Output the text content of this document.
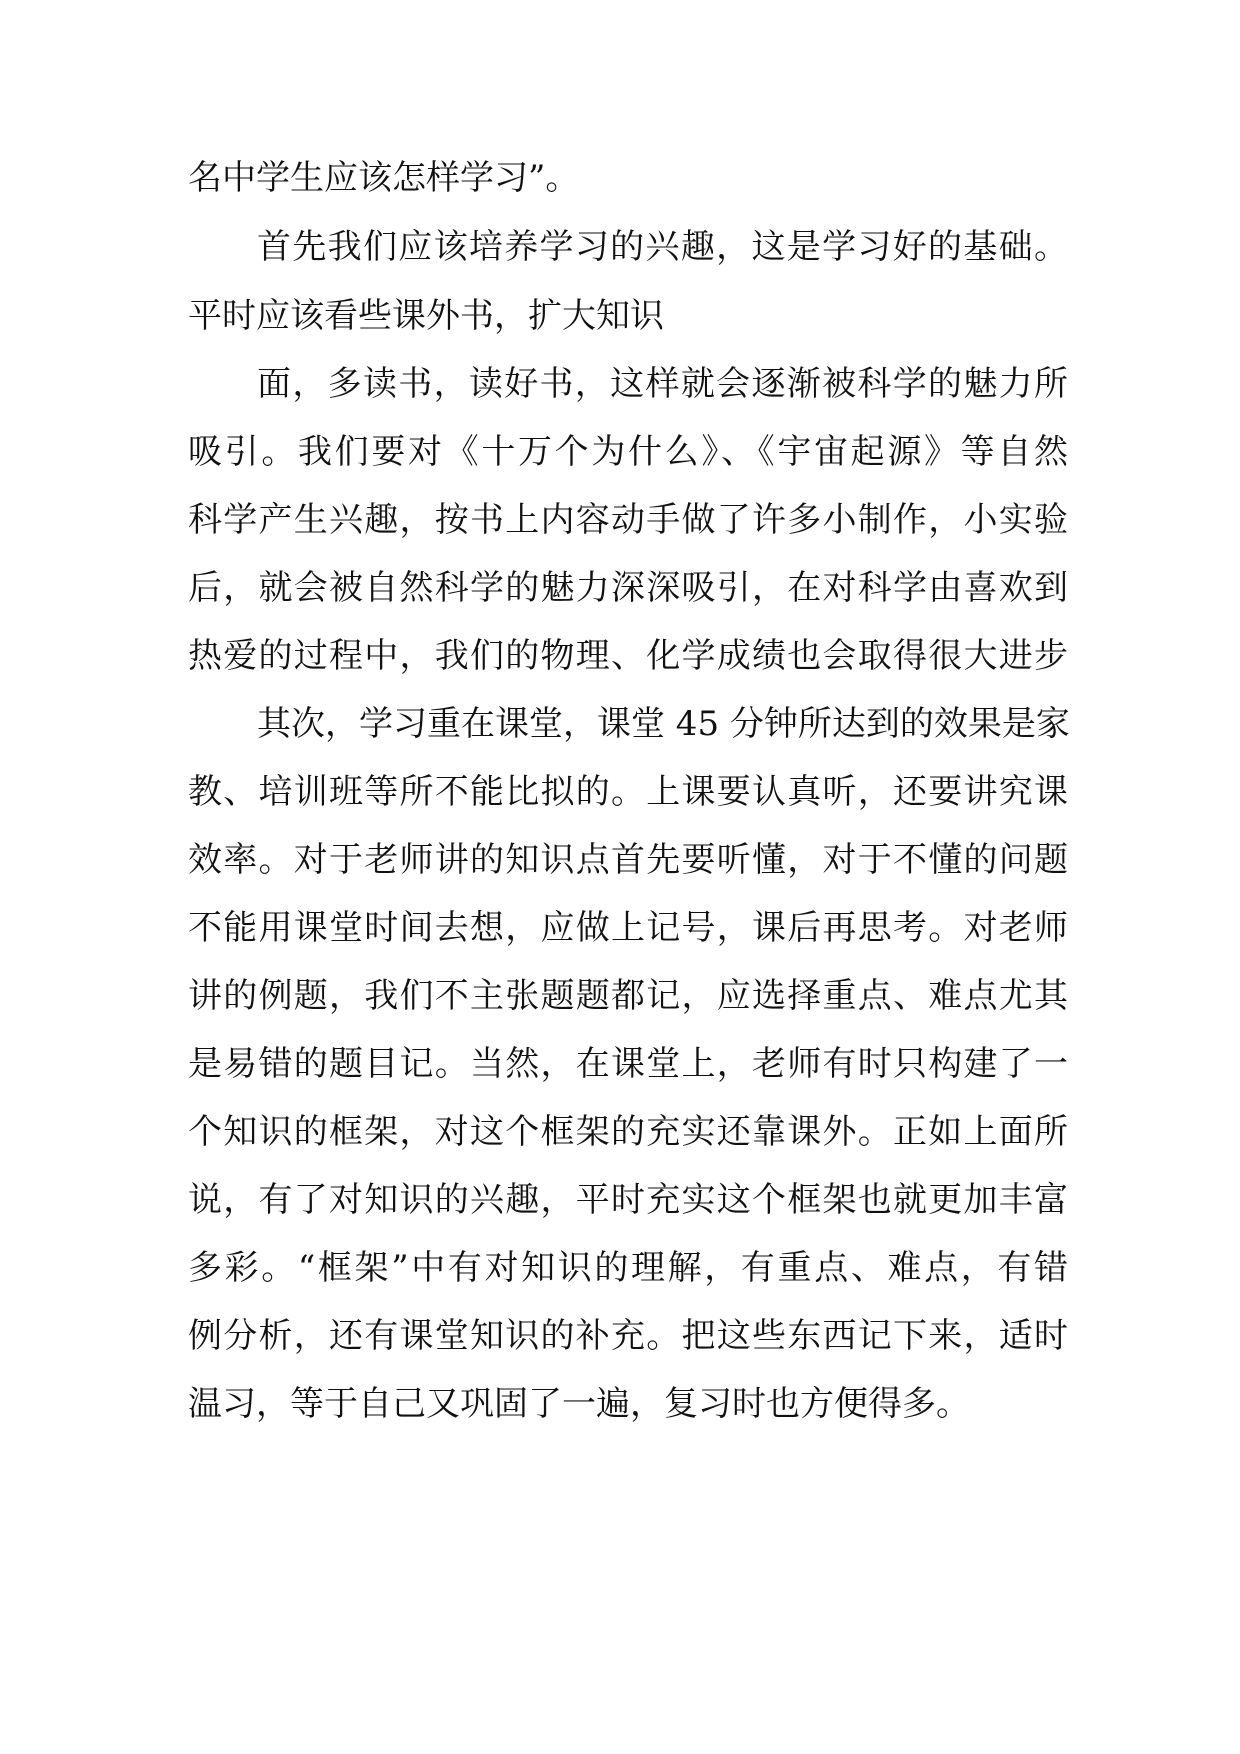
名中学生应该怎样学习”。

首先我们应该培养学习的兴趣，这是学习好的基础。

平时应该看些课外书，扩大知识

面，多读书，读好书，这样就会逐渐被科学的魅力所

吸引。我们要对《十万个为什么》、《宇宙起源》等自然

科学产生兴趣，按书上内容动手做了许多小制作，小实验

后，就会被自然科学的魅力深深吸引，在对科学由喜欢到

热爱的过程中，我们的物理、化学成绩也会取得很大进步

其次，学习重在课堂，课堂 45 分钟所达到的效果是家

教、培训班等所不能比拟的。上课要认真听，还要讲究课

效率。对于老师讲的知识点首先要听懂，对于不懂的问题

不能用课堂时间去想，应做上记号，课后再思考。对老师

讲的例题，我们不主张题题都记，应选择重点、难点尤其

是易错的题目记。当然，在课堂上，老师有时只构建了一

个知识的框架，对这个框架的充实还靠课外。正如上面所

说，有了对知识的兴趣，平时充实这个框架也就更加丰富

多彩。“框架”中有对知识的理解，有重点、难点，有错

例分析，还有课堂知识的补充。把这些东西记下来，适时

温习，等于自己又巩固了一遍，复习时也方便得多。
